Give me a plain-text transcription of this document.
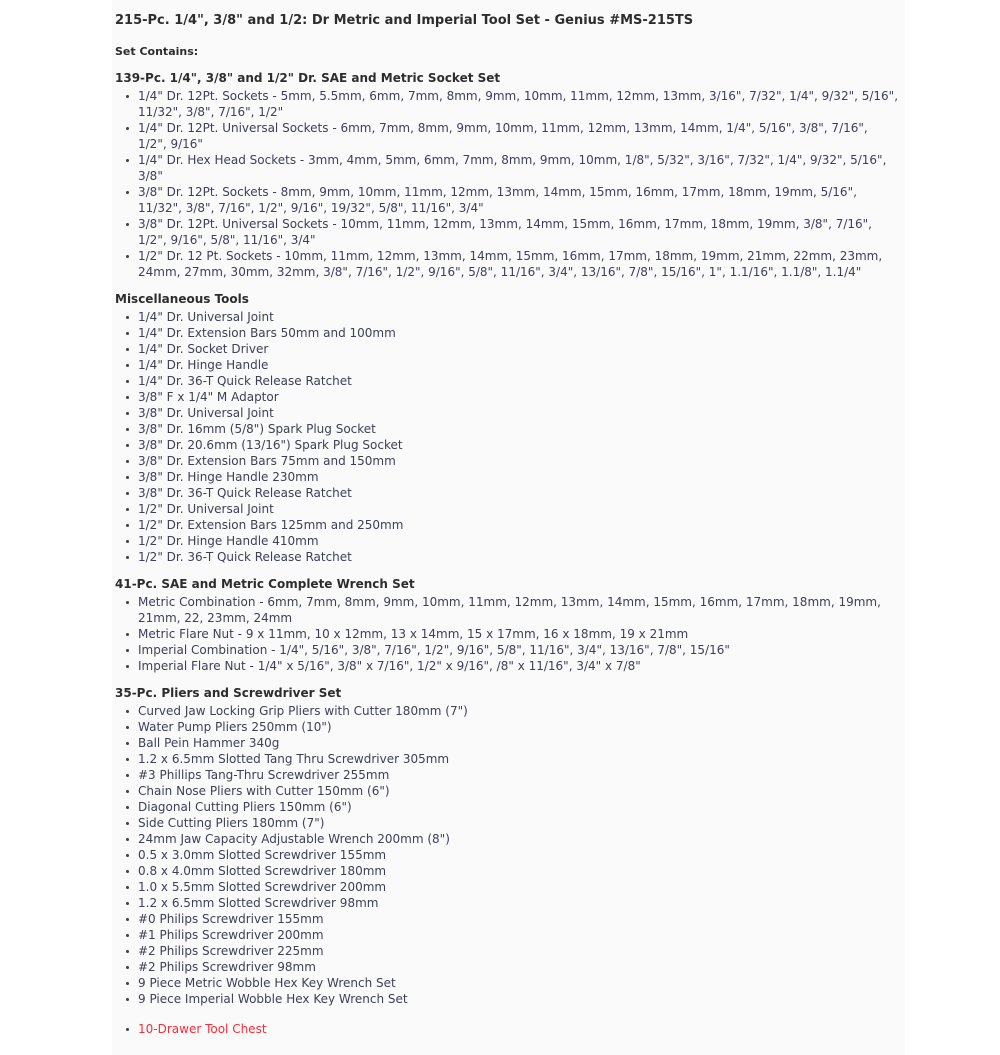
215-Pc. 1/4", 3/8" and 1/2: Dr Metric and Imperial Tool Set - Genius #MS-215TS
Set Contains:
139-Pc. 1/4", 3/8" and 1/2" Dr. SAE and Metric Socket Set
1/4" Dr. 12Pt. Sockets - 5mm, 5.5mm, 6mm, 7mm, 8mm, 9mm, 10mm, 11mm, 12mm, 13mm, 3/16", 7/32", 1/4", 9/32", 5/16", 11/32", 3/8", 7/16", 1/2"
1/4" Dr. 12Pt. Universal Sockets - 6mm, 7mm, 8mm, 9mm, 10mm, 11mm, 12mm, 13mm, 14mm, 1/4", 5/16", 3/8", 7/16", 1/2", 9/16"
1/4" Dr. Hex Head Sockets - 3mm, 4mm, 5mm, 6mm, 7mm, 8mm, 9mm, 10mm, 1/8", 5/32", 3/16", 7/32", 1/4", 9/32", 5/16", 3/8"
3/8" Dr. 12Pt. Sockets - 8mm, 9mm, 10mm, 11mm, 12mm, 13mm, 14mm, 15mm, 16mm, 17mm, 18mm, 19mm, 5/16", 11/32", 3/8", 7/16", 1/2", 9/16", 19/32", 5/8", 11/16", 3/4"
3/8" Dr. 12Pt. Universal Sockets - 10mm, 11mm, 12mm, 13mm, 14mm, 15mm, 16mm, 17mm, 18mm, 19mm, 3/8", 7/16", 1/2", 9/16", 5/8", 11/16", 3/4"
1/2" Dr. 12 Pt. Sockets - 10mm, 11mm, 12mm, 13mm, 14mm, 15mm, 16mm, 17mm, 18mm, 19mm, 21mm, 22mm, 23mm, 24mm, 27mm, 30mm, 32mm, 3/8", 7/16", 1/2", 9/16", 5/8", 11/16", 3/4", 13/16", 7/8", 15/16", 1", 1.1/16", 1.1/8", 1.1/4"
Miscellaneous Tools
1/4" Dr. Universal Joint
1/4" Dr. Extension Bars 50mm and 100mm
1/4" Dr. Socket Driver
1/4" Dr. Hinge Handle
1/4" Dr. 36-T Quick Release Ratchet
3/8" F x 1/4" M Adaptor
3/8" Dr. Universal Joint
3/8" Dr. 16mm (5/8") Spark Plug Socket
3/8" Dr. 20.6mm (13/16") Spark Plug Socket
3/8" Dr. Extension Bars 75mm and 150mm
3/8" Dr. Hinge Handle 230mm
3/8" Dr. 36-T Quick Release Ratchet
1/2" Dr. Universal Joint
1/2" Dr. Extension Bars 125mm and 250mm
1/2" Dr. Hinge Handle 410mm
1/2" Dr. 36-T Quick Release Ratchet
41-Pc. SAE and Metric Complete Wrench Set
Metric Combination - 6mm, 7mm, 8mm, 9mm, 10mm, 11mm, 12mm, 13mm, 14mm, 15mm, 16mm, 17mm, 18mm, 19mm, 21mm, 22, 23mm, 24mm
Metric Flare Nut - 9 x 11mm, 10 x 12mm, 13 x 14mm, 15 x 17mm, 16 x 18mm, 19 x 21mm
Imperial Combination - 1/4", 5/16", 3/8", 7/16", 1/2", 9/16", 5/8", 11/16", 3/4", 13/16", 7/8", 15/16"
Imperial Flare Nut - 1/4" x 5/16", 3/8" x 7/16", 1/2" x 9/16", /8" x 11/16", 3/4" x 7/8"
35-Pc. Pliers and Screwdriver Set
Curved Jaw Locking Grip Pliers with Cutter 180mm (7")
Water Pump Pliers 250mm (10")
Ball Pein Hammer 340g
1.2 x 6.5mm Slotted Tang Thru Screwdriver 305mm
#3 Phillips Tang-Thru Screwdriver 255mm
Chain Nose Pliers with Cutter 150mm (6")
Diagonal Cutting Pliers 150mm (6")
Side Cutting Pliers 180mm (7")
24mm Jaw Capacity Adjustable Wrench 200mm (8")
0.5 x 3.0mm Slotted Screwdriver 155mm
0.8 x 4.0mm Slotted Screwdriver 180mm
1.0 x 5.5mm Slotted Screwdriver 200mm
1.2 x 6.5mm Slotted Screwdriver 98mm
#0 Philips Screwdriver 155mm
#1 Philips Screwdriver 200mm
#2 Philips Screwdriver 225mm
#2 Philips Screwdriver 98mm
9 Piece Metric Wobble Hex Key Wrench Set
9 Piece Imperial Wobble Hex Key Wrench Set
10-Drawer Tool Chest
